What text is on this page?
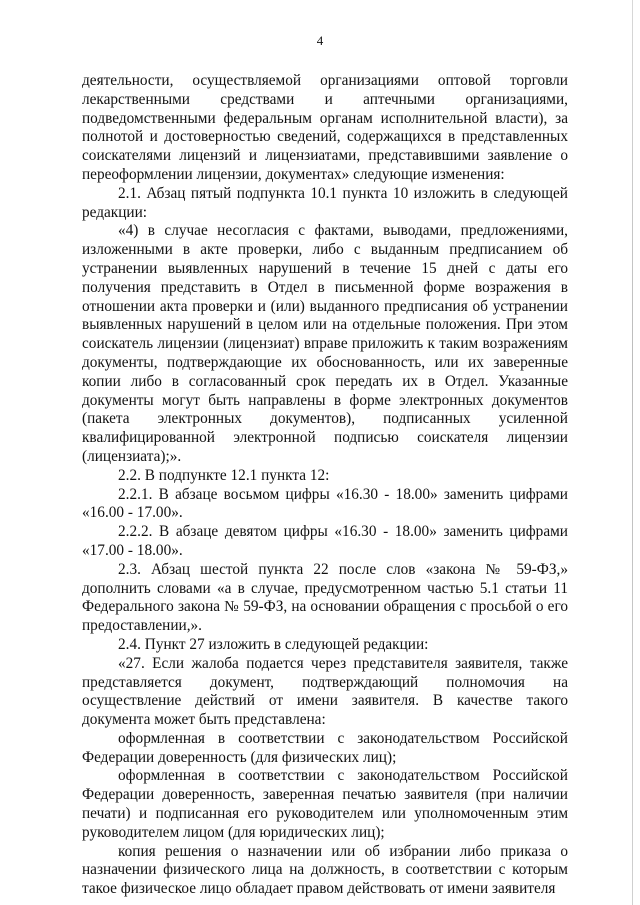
4

деятельности, осуществляемой организациями оптовой торговли лекарственными средствами и аптечными организациями, подведомственными федеральным органам исполнительной власти), за полнотой и достоверностью сведений, содержащихся в представленных соискателями лицензий и лицензиатами, представившими заявление о переоформлении лицензии, документах» следующие изменения:

2.1. Абзац пятый подпункта 10.1 пункта 10 изложить в следующей редакции:

«4) в случае несогласия с фактами, выводами, предложениями, изложенными в акте проверки, либо с выданным предписанием об устранении выявленных нарушений в течение 15 дней с даты его получения представить в Отдел в письменной форме возражения в отношении акта проверки и (или) выданного предписания об устранении выявленных нарушений в целом или на отдельные положения. При этом соискатель лицензии (лицензиат) вправе приложить к таким возражениям документы, подтверждающие их обоснованность, или их заверенные копии либо в согласованный срок передать их в Отдел. Указанные документы могут быть направлены в форме электронных документов (пакета электронных документов), подписанных усиленной квалифицированной электронной подписью соискателя лицензии (лицензиата);».

2.2. В подпункте 12.1 пункта 12:

2.2.1. В абзаце восьмом цифры «16.30 - 18.00» заменить цифрами «16.00 - 17.00».

2.2.2. В абзаце девятом цифры «16.30 - 18.00» заменить цифрами «17.00 - 18.00».

2.3. Абзац шестой пункта 22 после слов «закона № 59-ФЗ,» дополнить словами «а в случае, предусмотренном частью 5.1 статьи 11 Федерального закона № 59-ФЗ, на основании обращения с просьбой о его предоставлении,».

2.4. Пункт 27 изложить в следующей редакции:

«27. Если жалоба подается через представителя заявителя, также представляется документ, подтверждающий полномочия на осуществление действий от имени заявителя. В качестве такого документа может быть представлена:

оформленная в соответствии с законодательством Российской Федерации доверенность (для физических лиц);

оформленная в соответствии с законодательством Российской Федерации доверенность, заверенная печатью заявителя (при наличии печати) и подписанная его руководителем или уполномоченным этим руководителем лицом (для юридических лиц);

копия решения о назначении или об избрании либо приказа о назначении физического лица на должность, в соответствии с которым такое физическое лицо обладает правом действовать от имени заявителя
